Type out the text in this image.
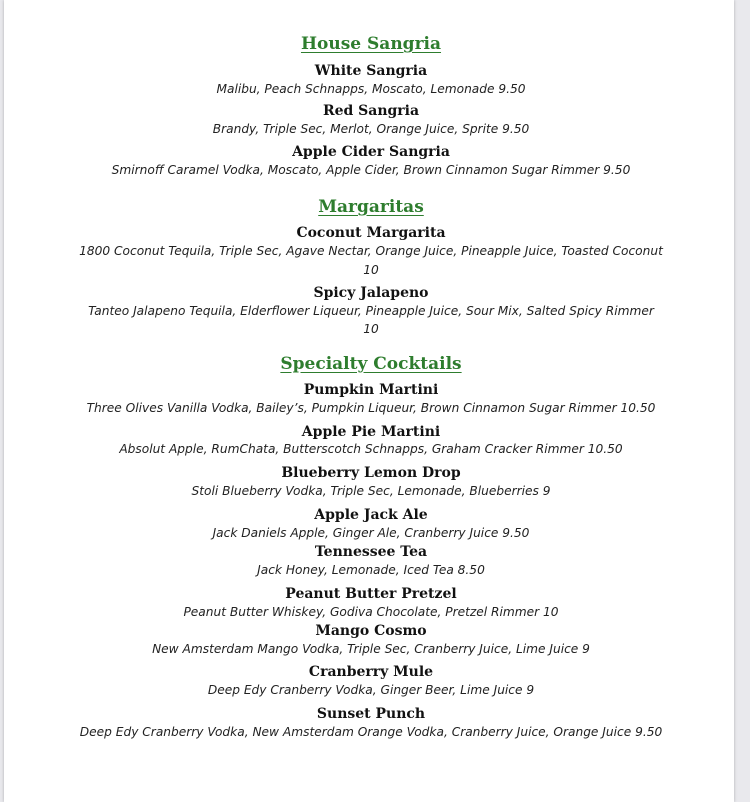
House Sangria
White Sangria
Malibu, Peach Schnapps, Moscato, Lemonade 9.50
Red Sangria
Brandy, Triple Sec, Merlot, Orange Juice, Sprite 9.50
Apple Cider Sangria
Smirnoff Caramel Vodka, Moscato, Apple Cider, Brown Cinnamon Sugar Rimmer 9.50
Margaritas
Coconut Margarita
1800 Coconut Tequila, Triple Sec, Agave Nectar, Orange Juice, Pineapple Juice, Toasted Coconut
10
Spicy Jalapeno
Tanteo Jalapeno Tequila, Elderflower Liqueur, Pineapple Juice, Sour Mix, Salted Spicy Rimmer
10
Specialty Cocktails
Pumpkin Martini
Three Olives Vanilla Vodka, Bailey’s, Pumpkin Liqueur, Brown Cinnamon Sugar Rimmer 10.50
Apple Pie Martini
Absolut Apple, RumChata, Butterscotch Schnapps, Graham Cracker Rimmer 10.50
Blueberry Lemon Drop
Stoli Blueberry Vodka, Triple Sec, Lemonade, Blueberries 9
Apple Jack Ale
Jack Daniels Apple, Ginger Ale, Cranberry Juice 9.50
Tennessee Tea
Jack Honey, Lemonade, Iced Tea 8.50
Peanut Butter Pretzel
Peanut Butter Whiskey, Godiva Chocolate, Pretzel Rimmer 10
Mango Cosmo
New Amsterdam Mango Vodka, Triple Sec, Cranberry Juice, Lime Juice 9
Cranberry Mule
Deep Edy Cranberry Vodka, Ginger Beer, Lime Juice 9
Sunset Punch
Deep Edy Cranberry Vodka, New Amsterdam Orange Vodka, Cranberry Juice, Orange Juice 9.50
